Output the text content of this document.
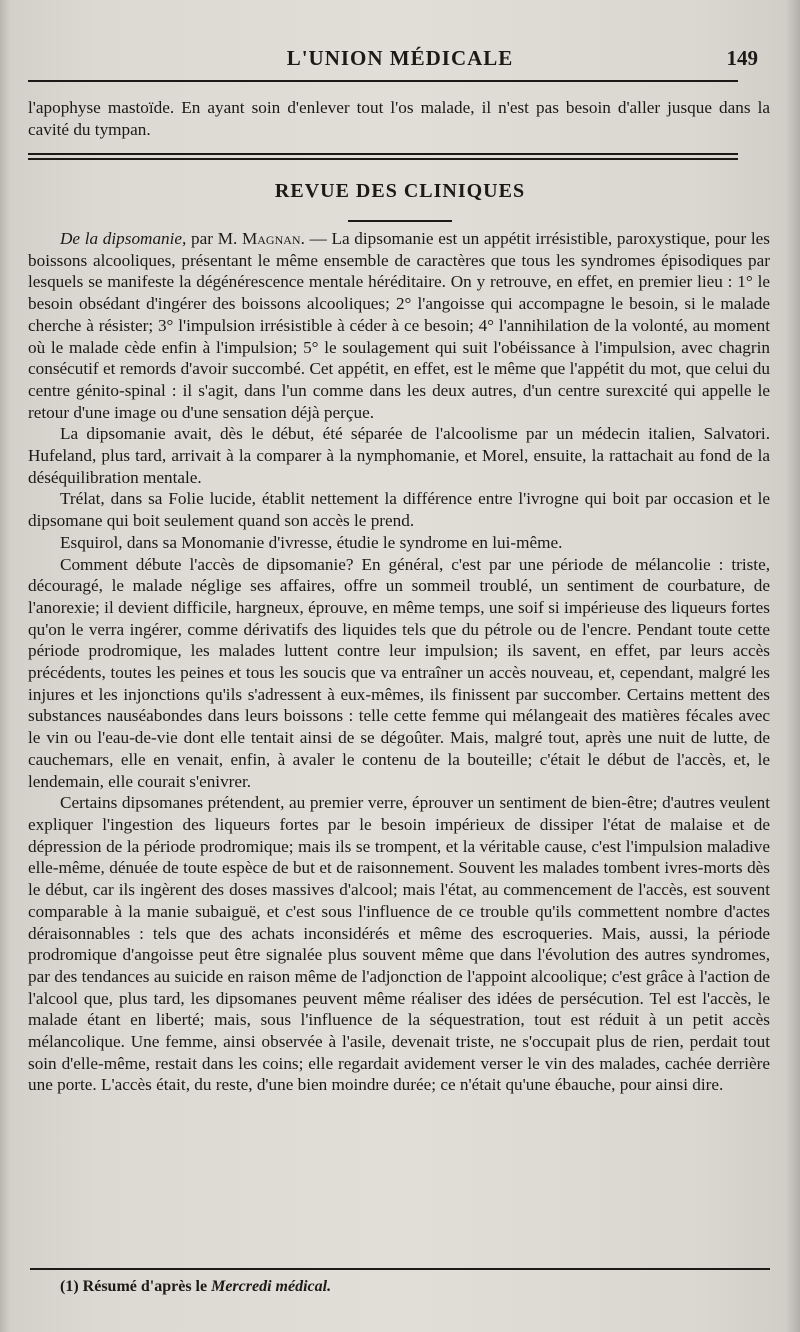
L'UNION MÉDICALE	149
l'apophyse mastoïde. En ayant soin d'enlever tout l'os malade, il n'est pas besoin d'aller jusque dans la cavité du tympan.
REVUE DES CLINIQUES

De la dipsomanie, par M. Magnan. — La dipsomanie est un appétit irrésistible, paroxystique, pour les boissons alcooliques, présentant le même ensemble de caractères que tous les syndromes épisodiques par lesquels se manifeste la dégénérescence mentale héréditaire. On y retrouve, en effet, en premier lieu : 1° le besoin obsédant d'ingérer des boissons alcooliques; 2° l'angoisse qui accompagne le besoin, si le malade cherche à résister; 3° l'impulsion irrésistible à céder à ce besoin; 4° l'annihilation de la volonté, au moment où le malade cède enfin à l'impulsion; 5° le soulagement qui suit l'obéissance à l'impulsion, avec chagrin consécutif et remords d'avoir succombé. Cet appétit, en effet, est le même que l'appétit du mot, que celui du centre génito-spinal : il s'agit, dans l'un comme dans les deux autres, d'un centre surexcité qui appelle le retour d'une image ou d'une sensation déjà perçue.

La dipsomanie avait, dès le début, été séparée de l'alcoolisme par un médecin italien, Salvatori. Hufeland, plus tard, arrivait à la comparer à la nymphomanie, et Morel, ensuite, la rattachait au fond de la déséquilibration mentale.

Trélat, dans sa Folie lucide, établit nettement la différence entre l'ivrogne qui boit par occasion et le dipsomane qui boit seulement quand son accès le prend.

Esquirol, dans sa Monomanie d'ivresse, étudie le syndrome en lui-même.

Comment débute l'accès de dipsomanie? En général, c'est par une période de mélancolie : triste, découragé, le malade néglige ses affaires, offre un sommeil troublé, un sentiment de courbature, de l'anorexie; il devient difficile, hargneux, éprouve, en même temps, une soif si impérieuse des liqueurs fortes qu'on le verra ingérer, comme dérivatifs des liquides tels que du pétrole ou de l'encre. Pendant toute cette période prodromique, les malades luttent contre leur impulsion; ils savent, en effet, par leurs accès précédents, toutes les peines et tous les soucis que va entraîner un accès nouveau, et, cependant, malgré les injures et les injonctions qu'ils s'adressent à eux-mêmes, ils finissent par succomber. Certains mettent des substances nauséabondes dans leurs boissons : telle cette femme qui mélangeait des matières fécales avec le vin ou l'eau-de-vie dont elle tentait ainsi de se dégoûter. Mais, malgré tout, après une nuit de lutte, de cauchemars, elle en venait, enfin, à avaler le contenu de la bouteille; c'était le début de l'accès, et, le lendemain, elle courait s'enivrer.

Certains dipsomanes prétendent, au premier verre, éprouver un sentiment de bien-être; d'autres veulent expliquer l'ingestion des liqueurs fortes par le besoin impérieux de dissiper l'état de malaise et de dépression de la période prodromique; mais ils se trompent, et la véritable cause, c'est l'impulsion maladive elle-même, dénuée de toute espèce de but et de raisonnement. Souvent les malades tombent ivres-morts dès le début, car ils ingèrent des doses massives d'alcool; mais l'état, au commencement de l'accès, est souvent comparable à la manie subaiguë, et c'est sous l'influence de ce trouble qu'ils commettent nombre d'actes déraisonnables : tels que des achats inconsidérés et même des escroqueries. Mais, aussi, la période prodromique d'angoisse peut être signalée plus souvent même que dans l'évolution des autres syndromes, par des tendances au suicide en raison même de l'adjonction de l'appoint alcoolique; c'est grâce à l'action de l'alcool que, plus tard, les dipsomanes peuvent même réaliser des idées de persécution. Tel est l'accès, le malade étant en liberté; mais, sous l'influence de la séquestration, tout est réduit à un petit accès mélancolique. Une femme, ainsi observée à l'asile, devenait triste, ne s'occupait plus de rien, perdait tout soin d'elle-même, restait dans les coins; elle regardait avidement verser le vin des malades, cachée derrière une porte. L'accès était, du reste, d'une bien moindre durée; ce n'était qu'une ébauche, pour ainsi dire.

(1) Résumé d'après le Mercredi médical.
